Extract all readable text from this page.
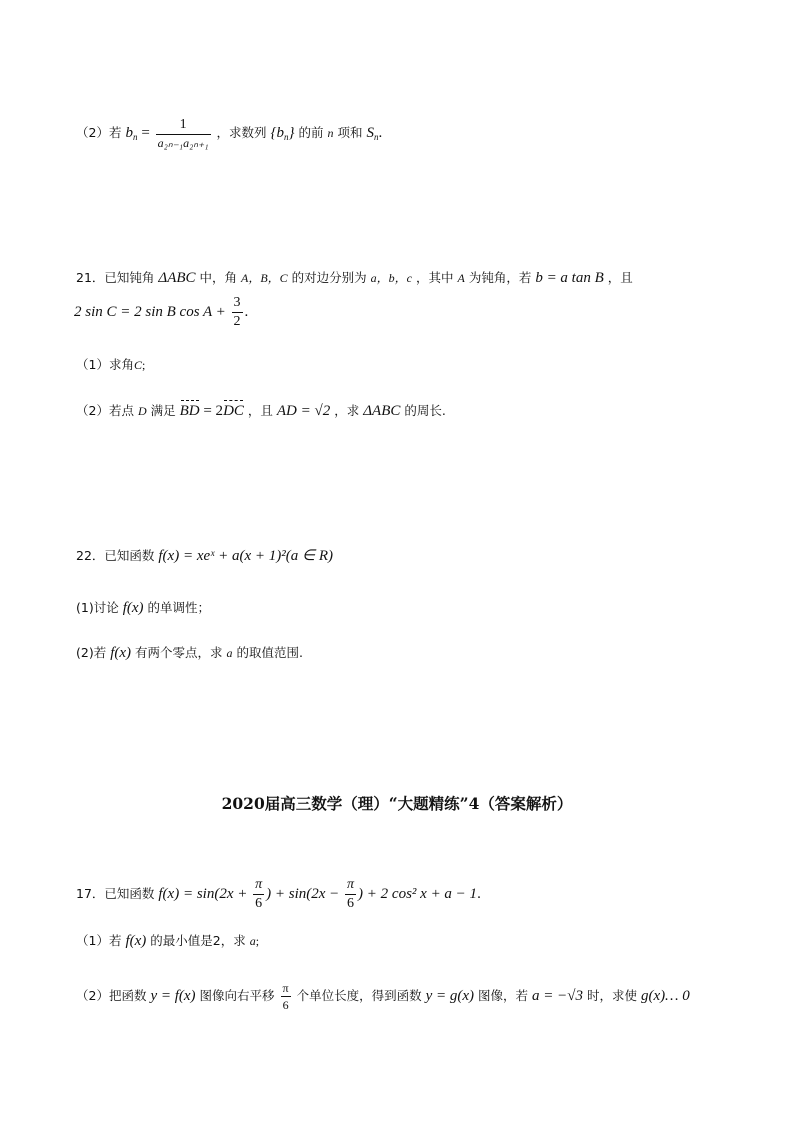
（2）若 $b_n = \frac{1}{\text{a₂ₙ₋₁a₂ₙ₊₁}}$ ，求数列 $\{b_n\}$ 的前 n 项和 $S_n$.
21．已知钝角 ΔABC 中，角 A，B，C 的对边分别为 a，b，c ，其中 A 为钝角，若 b = a tan B ，且
2 sin C = 2 sin B $\cos A + \frac{3}{2}$ .
（1）求角C;
（2）若点 D 满足 BD = 2DC ，且 AD = √2 ，求 ΔABC 的周长.
22．已知函数 f(x) = xeˣ + a(x + 1)²(a ∈ R)
(1)讨论 f(x) 的单调性；
(2)若 f(x) 有两个零点，求 a 的取值范围.
2020届高三数学（理）“大题精练”4（答案解析）
17．已知函数 $f(x) = \sin(2x + \frac{\pi}{6}$ ) + $\sin(2x - \frac{\pi}{6}$ ) + 2 cos² x + a − 1.
（1）若 f(x) 的最小值是2，求 a;
（2）把函数 y = f(x) 图像向右平移 $\frac{\pi}{6}$ 个单位长度，得到函数 y = g(x) 图像，若 a = −√3 时，求使 g(x)… 0
